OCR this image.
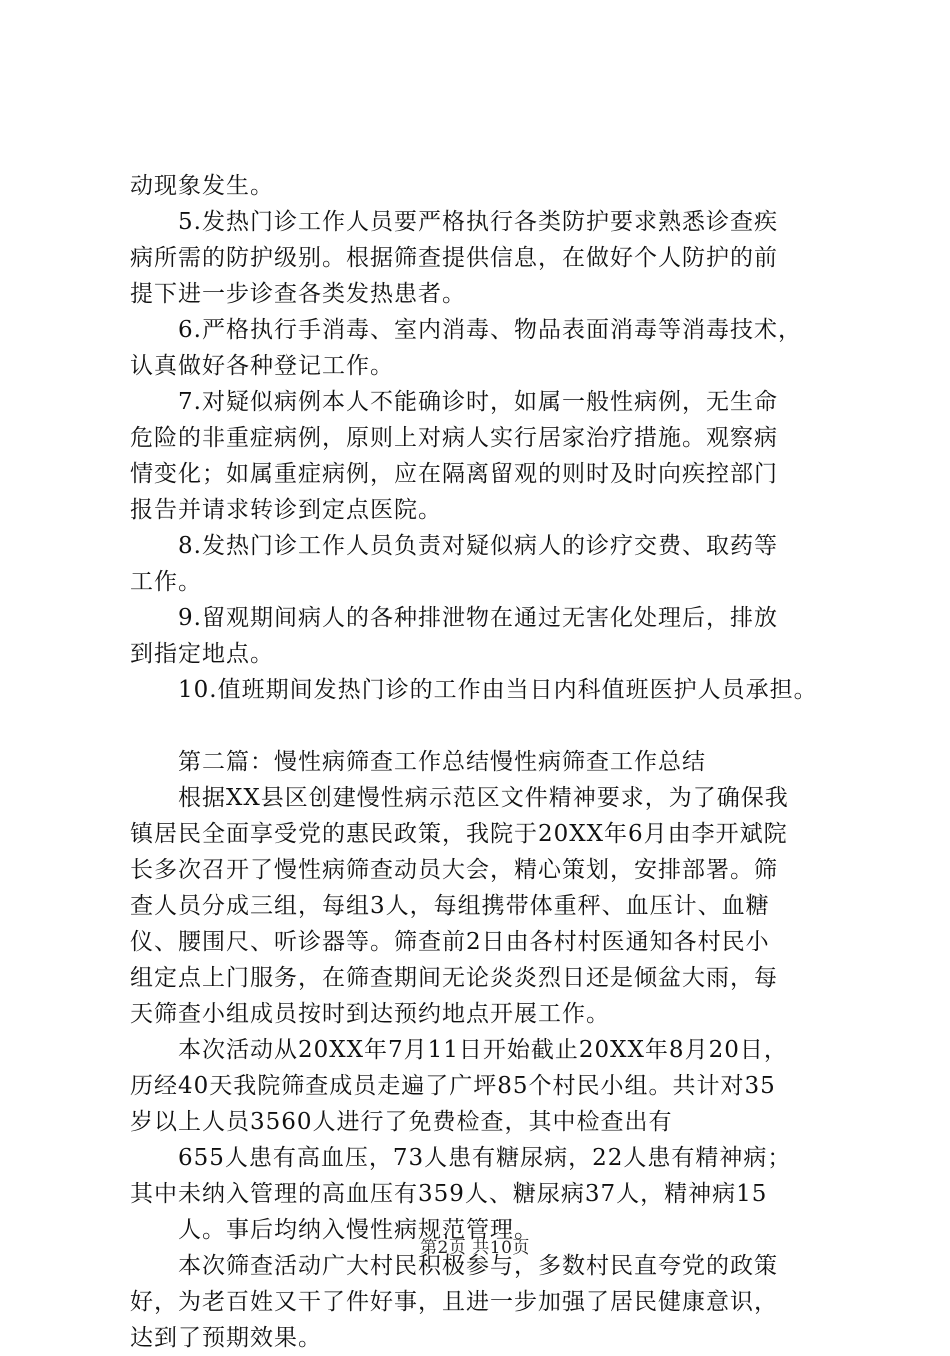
动现象发生。
5.发热门诊工作人员要严格执行各类防护要求熟悉诊查疾
病所需的防护级别。根据筛查提供信息，在做好个人防护的前
提下进一步诊查各类发热患者。
6.严格执行手消毒、室内消毒、物品表面消毒等消毒技术，
认真做好各种登记工作。
7.对疑似病例本人不能确诊时，如属一般性病例，无生命
危险的非重症病例，原则上对病人实行居家治疗措施。观察病
情变化；如属重症病例，应在隔离留观的则时及时向疾控部门
报告并请求转诊到定点医院。
8.发热门诊工作人员负责对疑似病人的诊疗交费、取药等
工作。
9.留观期间病人的各种排泄物在通过无害化处理后，排放
到指定地点。
10.值班期间发热门诊的工作由当日内科值班医护人员承担。
第二篇：慢性病筛查工作总结慢性病筛查工作总结
根据XX县区创建慢性病示范区文件精神要求，为了确保我
镇居民全面享受党的惠民政策，我院于20XX年6月由李开斌院
长多次召开了慢性病筛查动员大会，精心策划，安排部署。筛
查人员分成三组，每组3人，每组携带体重秤、血压计、血糖
仪、腰围尺、听诊器等。筛查前2日由各村村医通知各村民小
组定点上门服务，在筛查期间无论炎炎烈日还是倾盆大雨，每
天筛查小组成员按时到达预约地点开展工作。
本次活动从20XX年7月11日开始截止20XX年8月20日，
历经40天我院筛查成员走遍了广坪85个村民小组。共计对35
岁以上人员3560人进行了免费检查，其中检查出有
655人患有高血压，73人患有糖尿病，22人患有精神病；
其中未纳入管理的高血压有359人、糖尿病37人，精神病15
人。事后均纳入慢性病规范管理。
本次筛查活动广大村民积极参与，多数村民直夸党的政策
好，为老百姓又干了件好事，且进一步加强了居民健康意识，
达到了预期效果。
第2页 共10页
